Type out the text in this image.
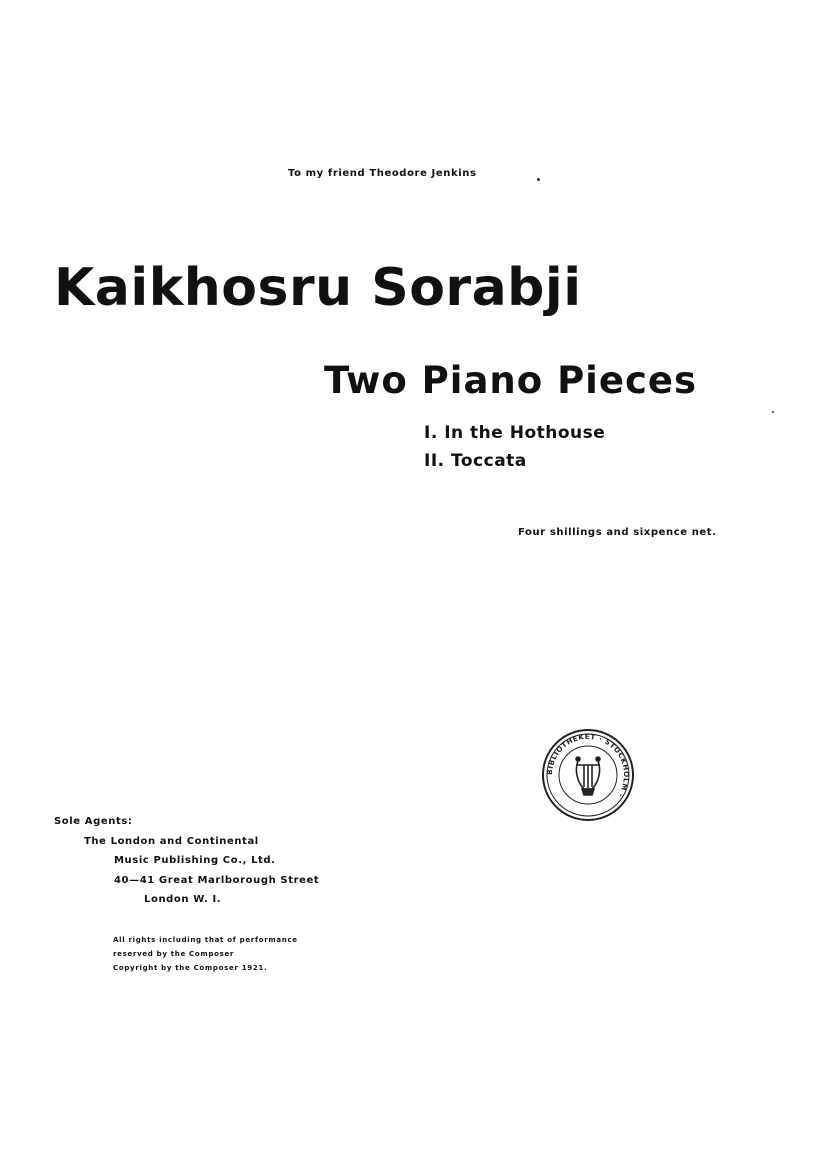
To my friend Theodore Jenkins
Kaikhosru Sorabji
Two Piano Pieces
I. In the Hothouse
II. Toccata
Four shillings and sixpence net.
BIBLIOTHEKET · STOCKHOLM ·
Sole Agents:
The London and Continental
Music Publishing Co., Ltd.
40—41 Great Marlborough Street
London W. I.
All rights including that of performance
reserved by the Composer
Copyright by the Composer 1921.
